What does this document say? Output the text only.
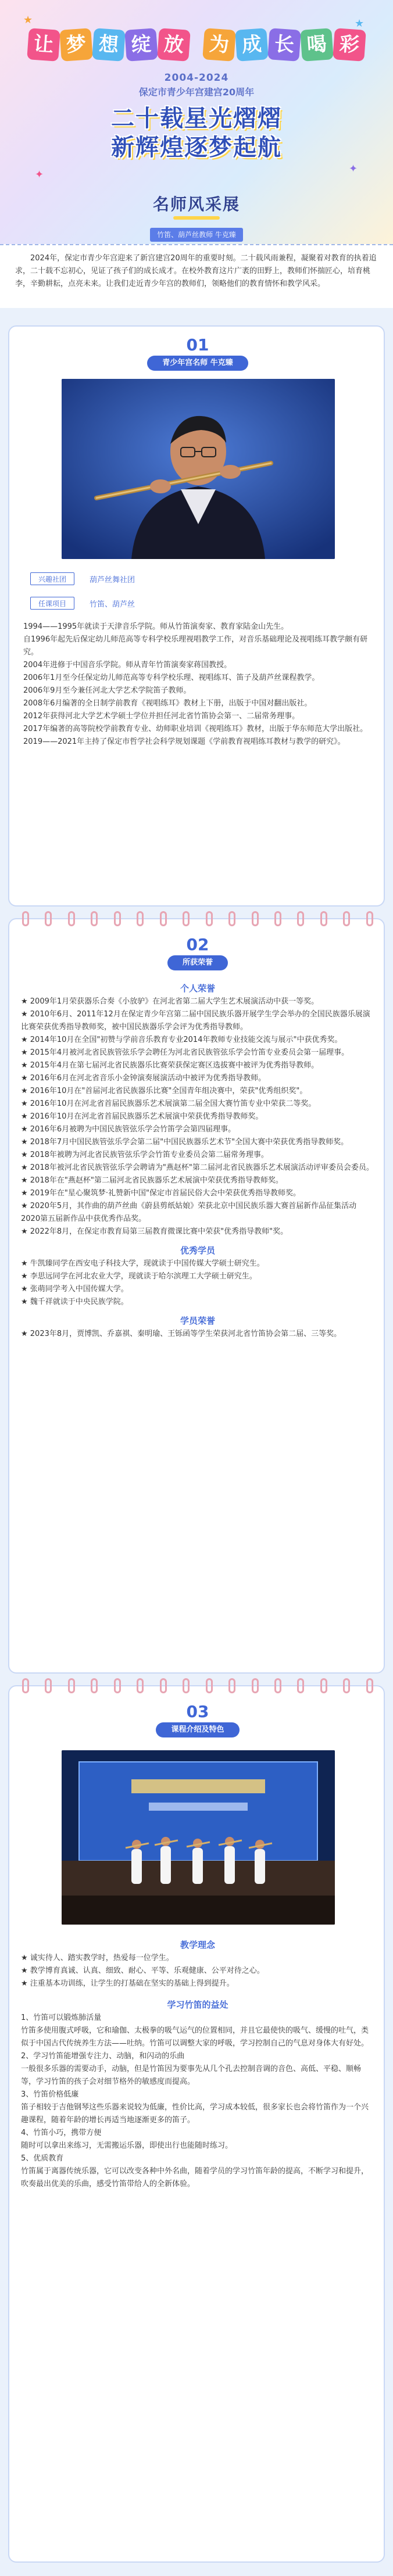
★	★
✦	✦
让 梦 想 绽 放 为 成 长 喝 彩
2004-2024
保定市青少年宫建宫20周年
二十载星光熠熠
新辉煌逐梦起航
名师风采展
竹笛、葫芦丝教师 牛克臻
2024年，保定市青少年宫迎来了新宫建宫20周年的重要时刻。二十载风雨兼程，凝聚着对教育的执着追求，二十载不忘初心，见证了孩子们的成长成才。在校外教育这片广袤的田野上，教师们怀揣匠心，培育桃李，辛勤耕耘，点亮未来。让我们走近青少年宫的教师们，领略他们的教育情怀和教学风采。
01
青少年宫名师 牛克臻
兴趣社团	葫芦丝舞社团
任课项目	竹笛、葫芦丝

1994——1995年就读于天津音乐学院。师从竹笛演奏家、教育家陆金山先生。

自1996年起先后保定幼儿师范高等专科学校乐理视唱教学工作，对音乐基础理论及视唱练耳教学颇有研究。

2004年进修于中国音乐学院。师从青年竹笛演奏家蒋国教授。

2006年1月至今任保定幼儿师范高等专科学校乐理、视唱练耳、笛子及葫芦丝课程教学。

2006年9月至今兼任河北大学艺术学院笛子教师。

2008年6月编著的全日制学前教育《视唱练耳》教材上下册，出版于中国对翻出版社。

2012年获得河北大学艺术学硕士学位并担任河北省竹笛协会第一、二届常务理事。

2017年编著的高等院校学前教育专业、幼师职业培训《视唱练耳》教材，出版于华东师范大学出版社。

2019——2021年主持了保定市哲学社会科学规划课题《学前教育视唱练耳教材与教学的研究》。

02
所获荣誉
个人荣誉

★ 2009年1月荣获器乐合奏《小放驴》在河北省第二届大学生艺术展演活动中获一等奖。

★ 2010年6月、2011年12月在保定青少年宫第二届中国民族乐器开展学生学会举办的全国民族器乐展演比赛荣获优秀指导教师奖，被中国民族器乐学会评为优秀指导教师。

★ 2014年10月在全国"初赞与学前音乐教育专业2014年教师专业技能交流与展示"中获优秀奖。

★ 2015年4月被河北省民族管弦乐学会聘任为河北省民族管弦乐学会竹笛专业委员会第一届理事。

★ 2015年4月在第七届河北省民族器乐比赛荣获保定赛区选拔赛中被评为优秀指导教师。

★ 2016年6月在河北省音乐小金钟演奏展演活动中被评为优秀指导教师。

★ 2016年10月在"首届河北省民族器乐比赛"全国青年组决赛中，荣获"优秀组织奖"。

★ 2016年10月在河北省首届民族器乐艺术展演第二届全国大赛竹笛专业中荣获二等奖。

★ 2016年10月在河北省首届民族器乐艺术展演中荣获优秀指导教师奖。

★ 2016年6月被聘为中国民族管弦乐学会竹笛学会第四届理事。

★ 2018年7月中国民族管弦乐学会第二届"中国民族器乐艺术节"全国大赛中荣获优秀指导教师奖。

★ 2018年被聘为河北省民族管弦乐学会竹笛专业委员会第二届常务理事。

★ 2018年被河北省民族管弦乐学会聘请为"燕赵杯"第二届河北省民族器乐艺术展演活动评审委员会委员。

★ 2018年在"燕赵杯"第二届河北省民族器乐艺术展演中荣获优秀指导教师奖。

★ 2019年在"星心聚筑梦·礼赞新中国"保定市首届民俗大会中荣获优秀指导教师奖。

★ 2020年5月，其作曲的葫芦丝曲《蔚县剪纸姑娘》荣获北京中国民族乐器大赛首届新作品征集活动2020第五届新作品中获优秀作品奖。

★ 2022年8月，在保定市教育局第三届教育微课比赛中荣获"优秀指导教师"奖。

优秀学员

★ 牛凯臻同学在西安电子科技大学，现就读于中国传媒大学硕士研究生。

★ 李思远同学在河北农业大学，现就读于哈尔滨理工大学硕士研究生。

★ 张萌同学考入中国传媒大学。

★ 魏千祥就读于中央民族学院。

学员荣誉

★ 2023年8月，贾博凯、乔嘉祺、秦明瑜、王铄函等学生荣获河北省竹笛协会第二届、三等奖。

03
课程介绍及特色
教学理念

★ 诚实待人、踏实教学时，热爱每一位学生。

★ 教学博育真诚、认真、细致、耐心、平等、乐观健康、公平对待之心。

★ 注重基本功训练，让学生的打基础在坚实的基础上得到提升。

学习竹笛的益处

1、竹笛可以锻炼肺活量

竹笛多使用腹式呼吸，它和瑜伽、太极拳的吸气运气的位置相同，并且它最使快的吸气、缓慢的吐气，类似于中国古代传统养生方法——吐纳。竹笛可以调整大家的呼吸，学习控制自己的气息对身体大有好处。

2、学习竹笛能增强专注力、动脑，和闪动的乐曲

一般很多乐器的需要动手，动脑，但是竹笛因为要事先从几个孔去控制音调的音色、高低、平稳、顺畅等，学习竹笛的孩子会对细节格外的敏感度而提高。

3、竹笛价格低廉

笛子相较于吉他钢琴这些乐器来说较为低廉，性价比高，学习成本较低，很多家长也会将竹笛作为一个兴趣课程，随着年龄的增长再适当地逐渐更多的笛子。

4、竹笛小巧，携带方便

随时可以拿出来练习，无需搬运乐器，即使出行也能随时练习。

5、优质教育

竹笛属于离器传统乐器，它可以改变各种中外名曲，随着学员的学习竹笛年龄的提高，不断学习和提升，吹奏最出优美的乐曲，感受竹笛带给人的全新体验。
